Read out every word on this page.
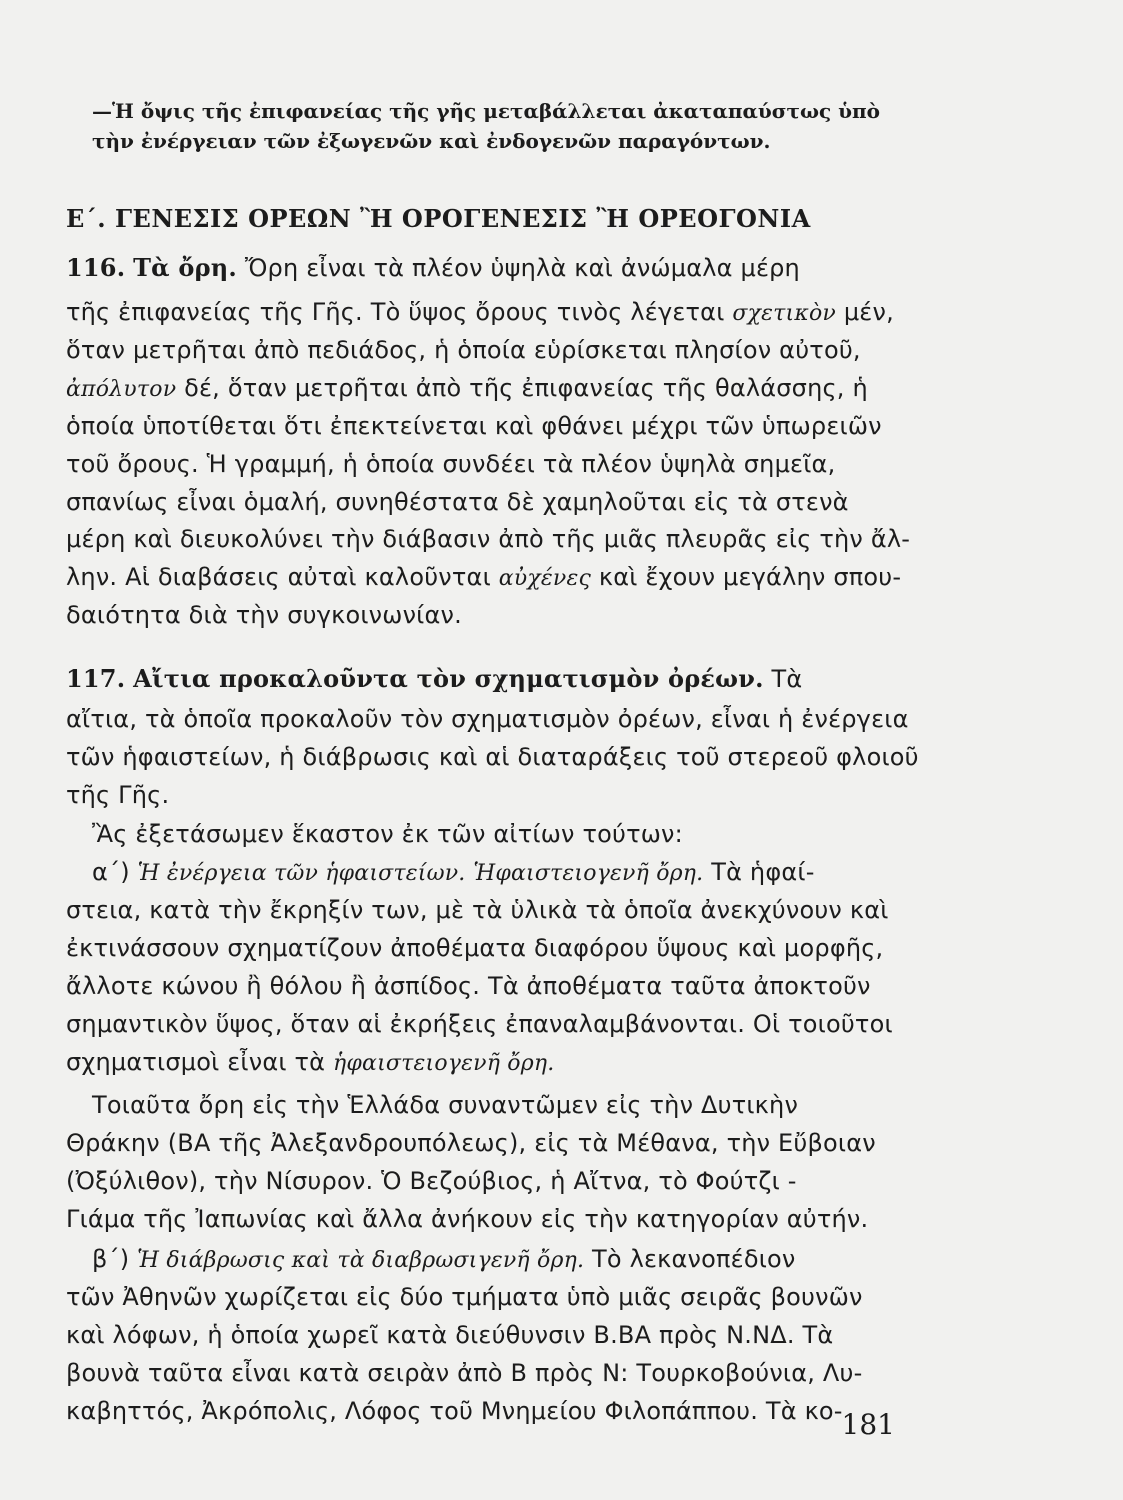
—Ἡ ὄψις τῆς ἐπιφανείας τῆς γῆς μεταβάλλεται ἀκαταπαύστως ὑπὸ
τὴν ἐνέργειαν τῶν ἐξωγενῶν καὶ ἐνδογενῶν παραγόντων.
Ε΄. ΓΕΝΕΣΙΣ ΟΡΕΩΝ Ἢ ΟΡΟΓΕΝΕΣΙΣ Ἢ ΟΡΕΟΓΟΝΙΑ
116. Τὰ ὄρη. Ὄρη εἶναι τὰ πλέον ὑψηλὰ καὶ ἀνώμαλα μέρη
τῆς ἐπιφανείας τῆς Γῆς. Τὸ ὕψος ὄρους τινὸς λέγεται σχετικὸν μέν,
ὅταν μετρῆται ἀπὸ πεδιάδος, ἡ ὁποία εὑρίσκεται πλησίον αὐτοῦ,
ἀπόλυτον δέ, ὅταν μετρῆται ἀπὸ τῆς ἐπιφανείας τῆς θαλάσσης, ἡ
ὁποία ὑποτίθεται ὅτι ἐπεκτείνεται καὶ φθάνει μέχρι τῶν ὑπωρειῶν
τοῦ ὄρους. Ἡ γραμμή, ἡ ὁποία συνδέει τὰ πλέον ὑψηλὰ σημεῖα,
σπανίως εἶναι ὁμαλή, συνηθέστατα δὲ χαμηλοῦται εἰς τὰ στενὰ
μέρη καὶ διευκολύνει τὴν διάβασιν ἀπὸ τῆς μιᾶς πλευρᾶς εἰς τὴν ἄλ-
λην. Αἱ διαβάσεις αὐταὶ καλοῦνται αὐχένες καὶ ἔχουν μεγάλην σπου-
δαιότητα διὰ τὴν συγκοινωνίαν.
117. Αἴτια προκαλοῦντα τὸν σχηματισμὸν ὀρέων. Τὰ
αἴτια, τὰ ὁποῖα προκαλοῦν τὸν σχηματισμὸν ὀρέων, εἶναι ἡ ἐνέργεια
τῶν ἡφαιστείων, ἡ διάβρωσις καὶ αἱ διαταράξεις τοῦ στερεοῦ φλοιοῦ
τῆς Γῆς.
Ἂς ἐξετάσωμεν ἕκαστον ἐκ τῶν αἰτίων τούτων:
α΄) Ἡ ἐνέργεια τῶν ἡφαιστείων. Ἡφαιστειογενῆ ὄρη. Τὰ ἡφαί-
στεια, κατὰ τὴν ἔκρηξίν των, μὲ τὰ ὑλικὰ τὰ ὁποῖα ἀνεκχύνουν καὶ
ἐκτινάσσουν σχηματίζουν ἀποθέματα διαφόρου ὕψους καὶ μορφῆς,
ἄλλοτε κώνου ἢ θόλου ἢ ἀσπίδος. Τὰ ἀποθέματα ταῦτα ἀποκτοῦν
σημαντικὸν ὕψος, ὅταν αἱ ἐκρήξεις ἐπαναλαμβάνονται. Οἱ τοιοῦτοι
σχηματισμοὶ εἶναι τὰ ἡφαιστειογενῆ ὄρη.
Τοιαῦτα ὄρη εἰς τὴν Ἑλλάδα συναντῶμεν εἰς τὴν Δυτικὴν
Θράκην (ΒΑ τῆς Ἀλεξανδρουπόλεως), εἰς τὰ Μέθανα, τὴν Εὔβοιαν
(Ὀξύλιθον), τὴν Νίσυρον. Ὁ Βεζούβιος, ἡ Αἴτνα, τὸ Φούτζι -
Γιάμα τῆς Ἰαπωνίας καὶ ἄλλα ἀνήκουν εἰς τὴν κατηγορίαν αὐτήν.
β΄) Ἡ διάβρωσις καὶ τὰ διαβρωσιγενῆ ὄρη. Τὸ λεκανοπέδιον
τῶν Ἀθηνῶν χωρίζεται εἰς δύο τμήματα ὑπὸ μιᾶς σειρᾶς βουνῶν
καὶ λόφων, ἡ ὁποία χωρεῖ κατὰ διεύθυνσιν Β.ΒΑ πρὸς Ν.ΝΔ. Τὰ
βουνὰ ταῦτα εἶναι κατὰ σειρὰν ἀπὸ Β πρὸς Ν: Τουρκοβούνια, Λυ-
καβηττός, Ἀκρόπολις, Λόφος τοῦ Μνημείου Φιλοπάππου. Τὰ κο-
181
